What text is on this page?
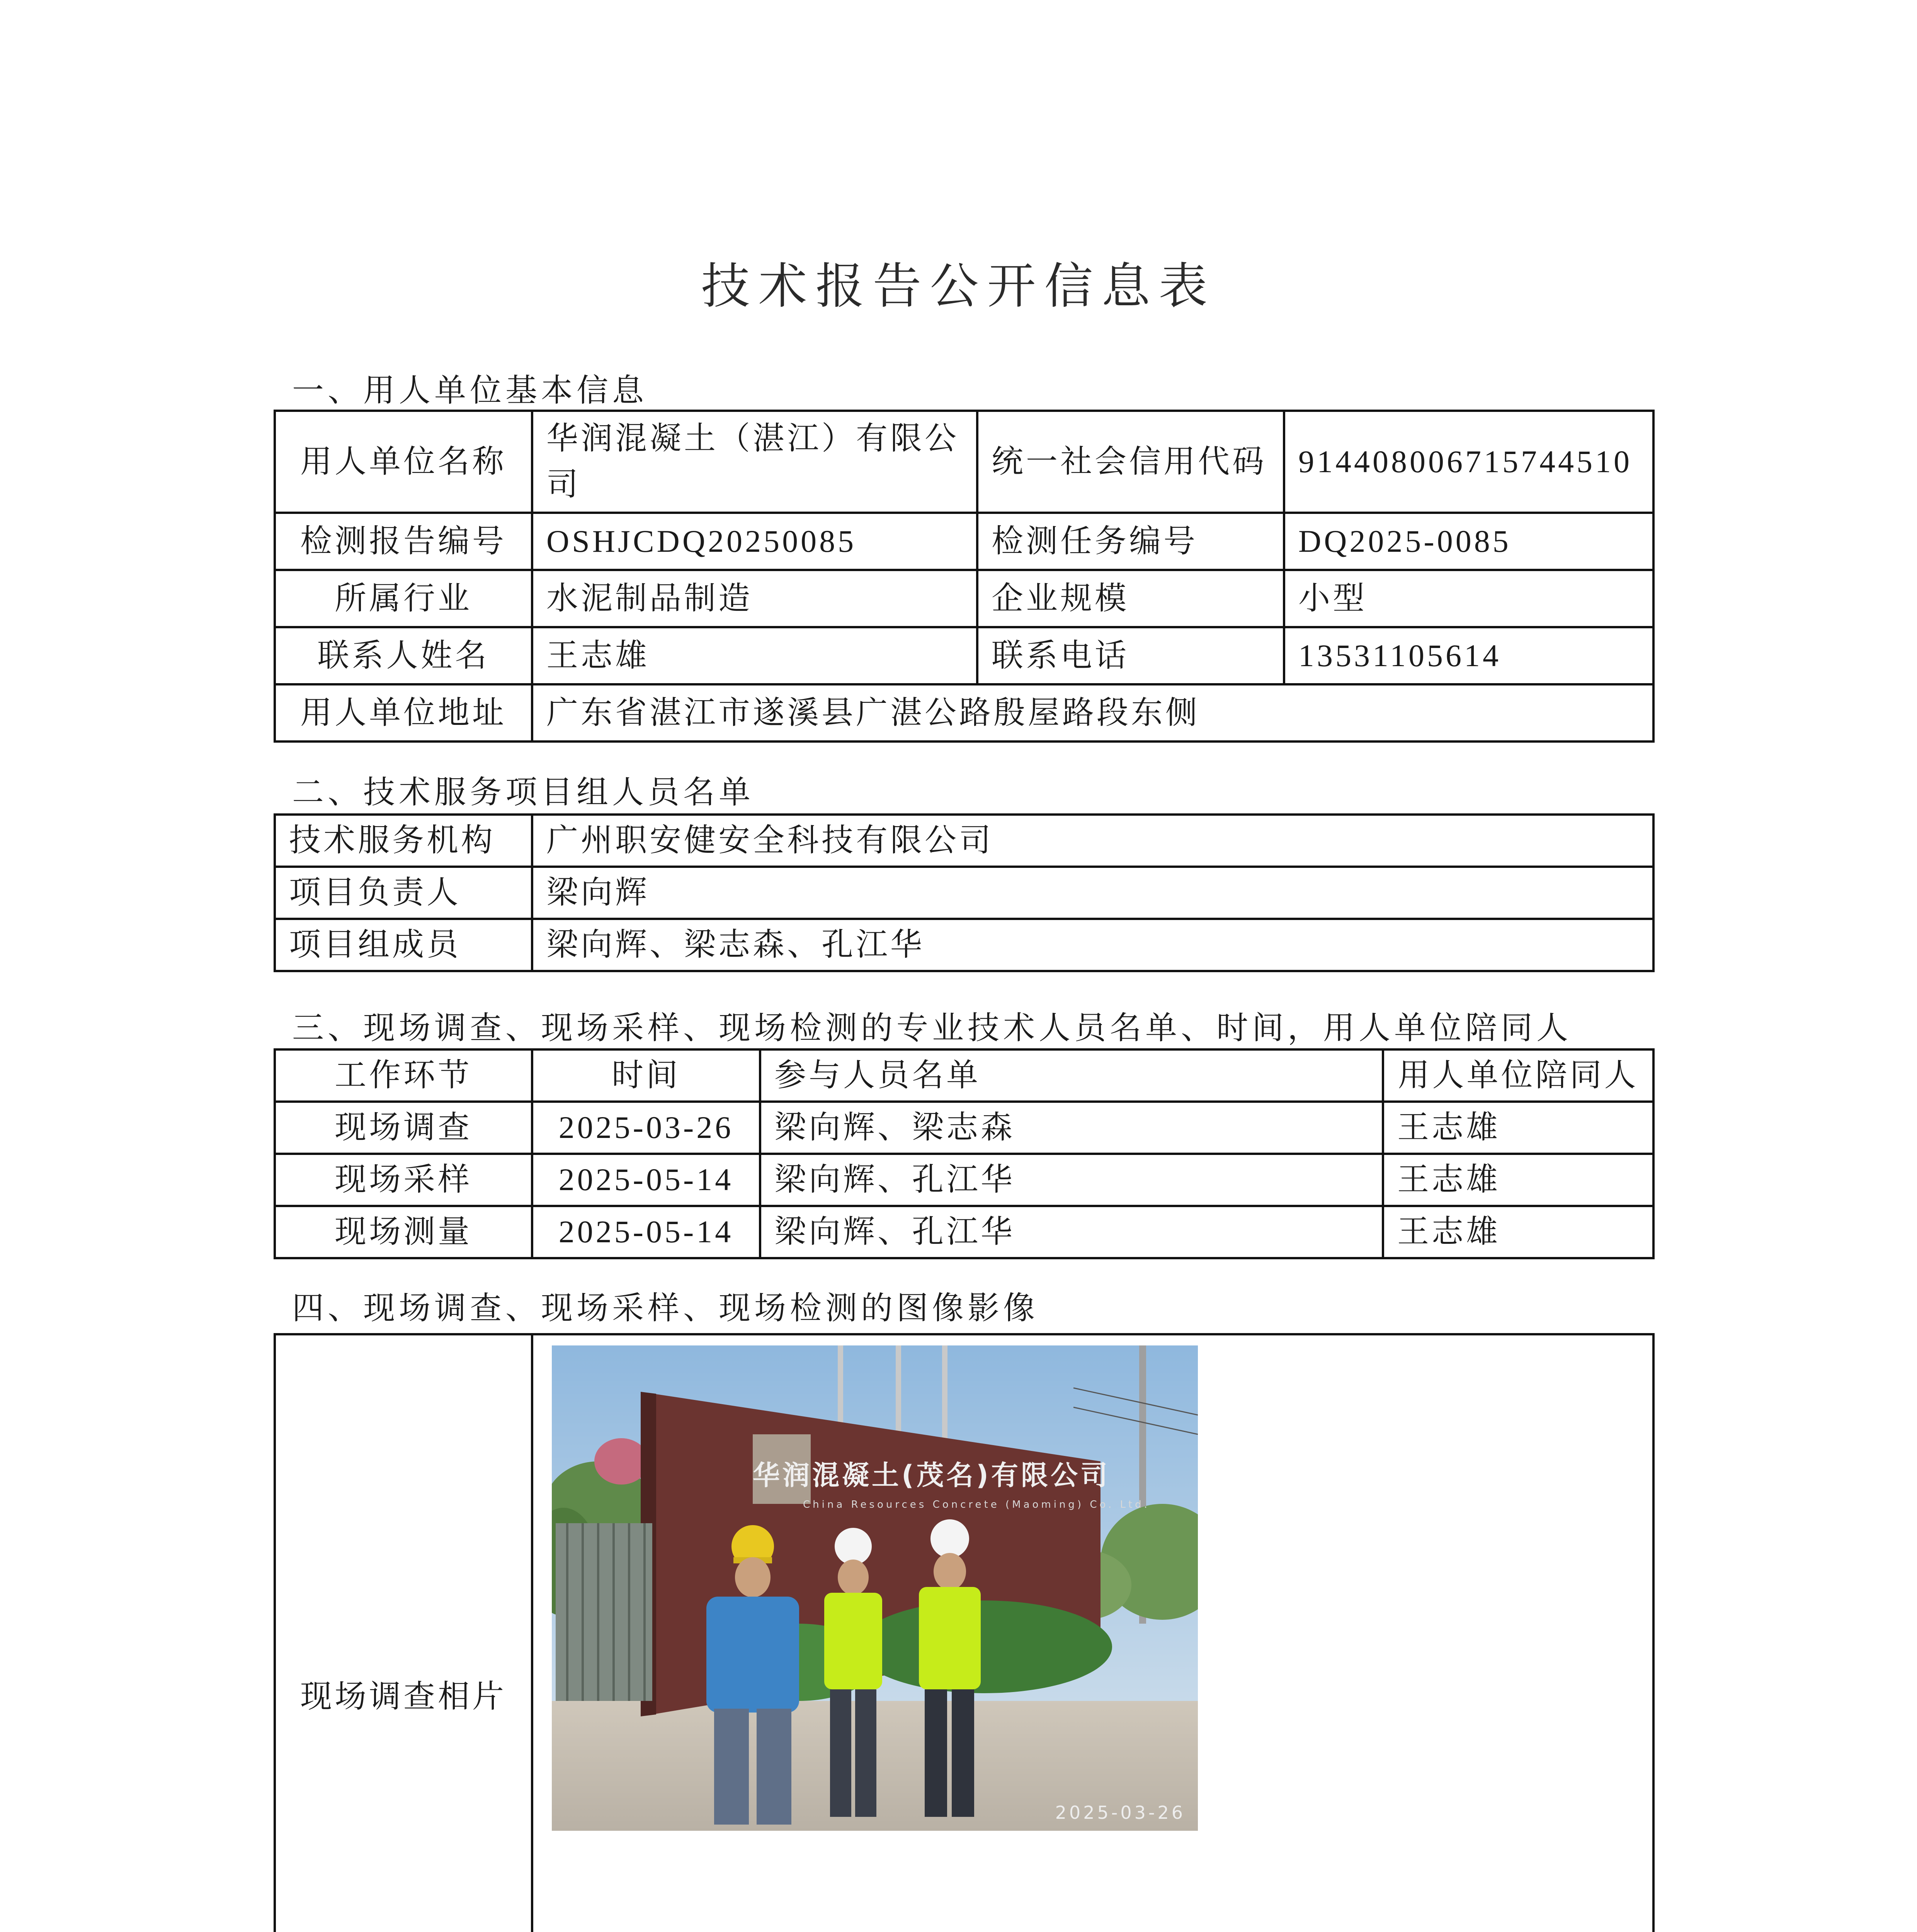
技术报告公开信息表
一、用人单位基本信息
用人单位名称	华润混凝土（湛江）有限公司	统一社会信用代码	914408006715744510
检测报告编号	OSHJCDQ20250085	检测任务编号	DQ2025-0085
所属行业	水泥制品制造	企业规模	小型
联系人姓名	王志雄	联系电话	13531105614
用人单位地址	广东省湛江市遂溪县广湛公路殷屋路段东侧		
二、技术服务项目组人员名单
技术服务机构	广州职安健安全科技有限公司
项目负责人	梁向辉
项目组成员	梁向辉、梁志森、孔江华
三、现场调查、现场采样、现场检测的专业技术人员名单、时间，用人单位陪同人
工作环节	时间	参与人员名单	用人单位陪同人
现场调查	2025-03-26	梁向辉、梁志森	王志雄
现场采样	2025-05-14	梁向辉、孔江华	王志雄
现场测量	2025-05-14	梁向辉、孔江华	王志雄
四、现场调查、现场采样、现场检测的图像影像
现场调查相片	
华润混凝土(茂名)有限公司
China Resources Concrete (Maoming) Co. Ltd.
2025-03-26
